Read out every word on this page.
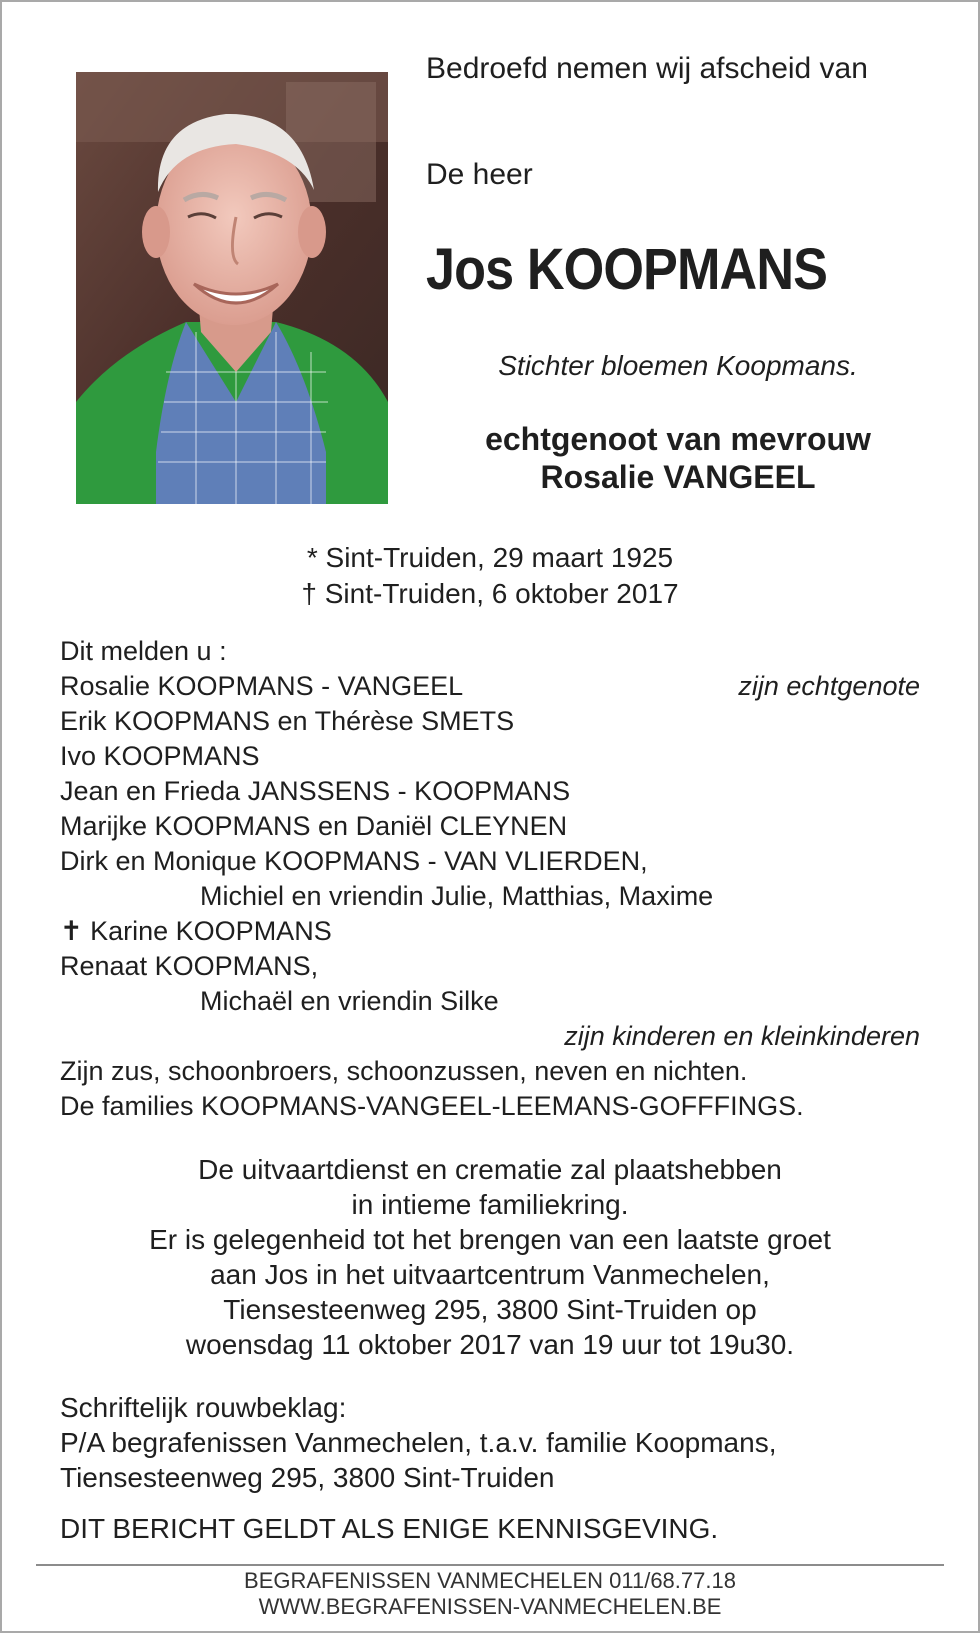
Bedroefd nemen wij afscheid van
De heer
Jos KOOPMANS
Stichter bloemen Koopmans.
echtgenoot van mevrouw
Rosalie VANGEEL
* Sint-Truiden, 29 maart 1925
† Sint-Truiden, 6 oktober 2017
Dit melden u :
Rosalie KOOPMANS - VANGEEL	zijn echtgenote
Erik KOOPMANS en Thérèse SMETS
Ivo KOOPMANS
Jean en Frieda JANSSENS - KOOPMANS
Marijke KOOPMANS en Daniël CLEYNEN
Dirk en Monique KOOPMANS - VAN VLIERDEN,
Michiel en vriendin Julie, Matthias, Maxime
✝ Karine KOOPMANS
Renaat KOOPMANS,
Michaël en vriendin Silke
zijn kinderen en kleinkinderen
Zijn zus, schoonbroers, schoonzussen, neven en nichten.
De families KOOPMANS-VANGEEL-LEEMANS-GOFFFINGS.
De uitvaartdienst en crematie zal plaatshebben
in intieme familiekring.
Er is gelegenheid tot het brengen van een laatste groet
aan Jos in het uitvaartcentrum Vanmechelen,
Tiensesteenweg 295, 3800 Sint-Truiden op
woensdag 11 oktober 2017 van 19 uur tot 19u30.
Schriftelijk rouwbeklag:
P/A begrafenissen Vanmechelen, t.a.v. familie Koopmans,
Tiensesteenweg 295, 3800 Sint-Truiden
DIT BERICHT GELDT ALS ENIGE KENNISGEVING.
BEGRAFENISSEN VANMECHELEN 011/68.77.18
WWW.BEGRAFENISSEN-VANMECHELEN.BE
